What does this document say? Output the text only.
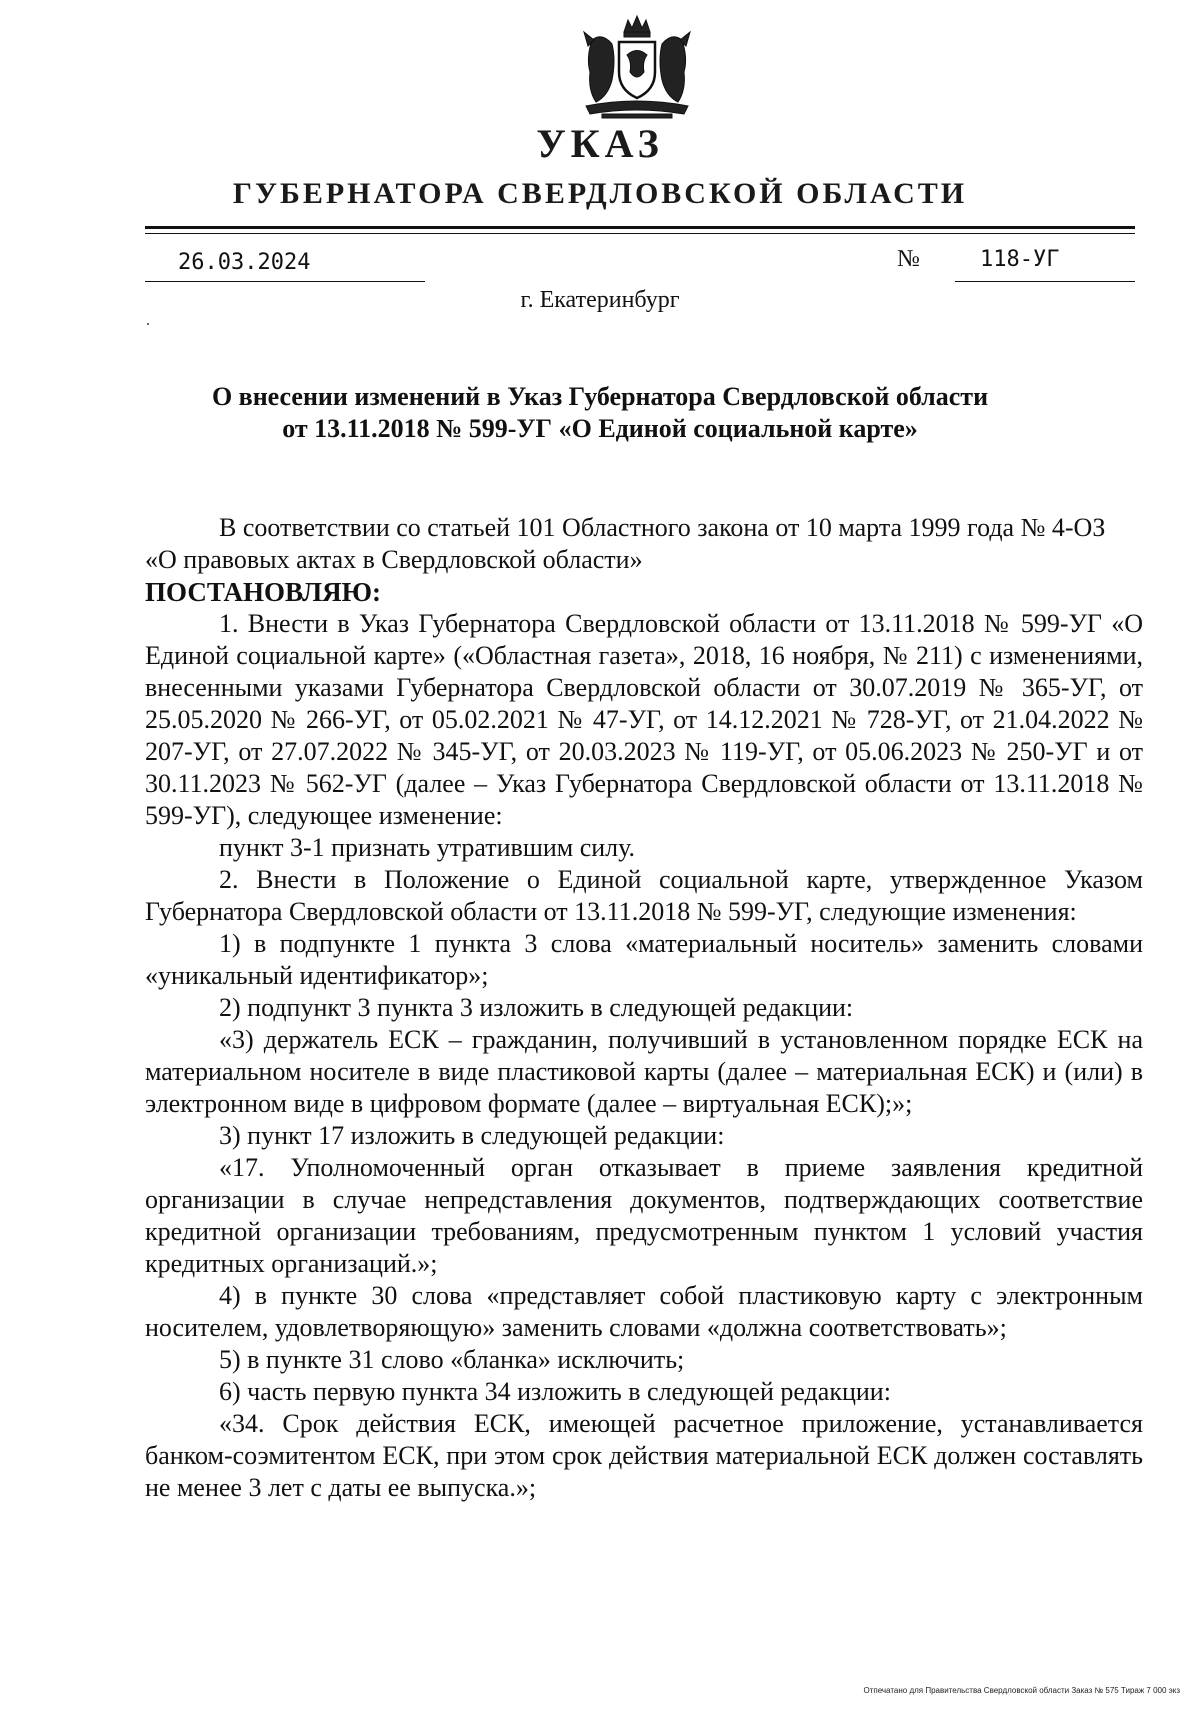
УКАЗ
ГУБЕРНАТОРА СВЕРДЛОВСКОЙ ОБЛАСТИ
26.03.2024	№	118-УГ
г. Екатеринбург
О внесении изменений в Указ Губернатора Свердловской области
от 13.11.2018 № 599-УГ «О Единой социальной карте»

В соответствии со статьей 101 Областного закона от 10 марта 1999 года № 4-ОЗ «О правовых актах в Свердловской области»

ПОСТАНОВЛЯЮ:

1. Внести в Указ Губернатора Свердловской области от 13.11.2018 № 599-УГ «О Единой социальной карте» («Областная газета», 2018, 16 ноября, № 211) с изменениями, внесенными указами Губернатора Свердловской области от 30.07.2019 № 365-УГ, от 25.05.2020 № 266-УГ, от 05.02.2021 № 47-УГ, от 14.12.2021 № 728-УГ, от 21.04.2022 № 207-УГ, от 27.07.2022 № 345-УГ, от 20.03.2023 № 119-УГ, от 05.06.2023 № 250-УГ и от 30.11.2023 № 562-УГ (далее – Указ Губернатора Свердловской области от 13.11.2018 № 599-УГ), следующее изменение:

пункт 3-1 признать утратившим силу.

2. Внести в Положение о Единой социальной карте, утвержденное Указом Губернатора Свердловской области от 13.11.2018 № 599-УГ, следующие изменения:

1) в подпункте 1 пункта 3 слова «материальный носитель» заменить словами «уникальный идентификатор»;

2) подпункт 3 пункта 3 изложить в следующей редакции:

«3) держатель ЕСК – гражданин, получивший в установленном порядке ЕСК на материальном носителе в виде пластиковой карты (далее – материальная ЕСК) и (или) в электронном виде в цифровом формате (далее – виртуальная ЕСК);»;

3) пункт 17 изложить в следующей редакции:

«17. Уполномоченный орган отказывает в приеме заявления кредитной организации в случае непредставления документов, подтверждающих соответствие кредитной организации требованиям, предусмотренным пунктом 1 условий участия кредитных организаций.»;

4) в пункте 30 слова «представляет собой пластиковую карту с электронным носителем, удовлетворяющую» заменить словами «должна соответствовать»;

5) в пункте 31 слово «бланка» исключить;

6) часть первую пункта 34 изложить в следующей редакции:

«34. Срок действия ЕСК, имеющей расчетное приложение, устанавливается банком-соэмитентом ЕСК, при этом срок действия материальной ЕСК должен составлять не менее 3 лет с даты ее выпуска.»;

Отпечатано для Правительства Свердловской области Заказ № 575 Тираж 7 000 экз
